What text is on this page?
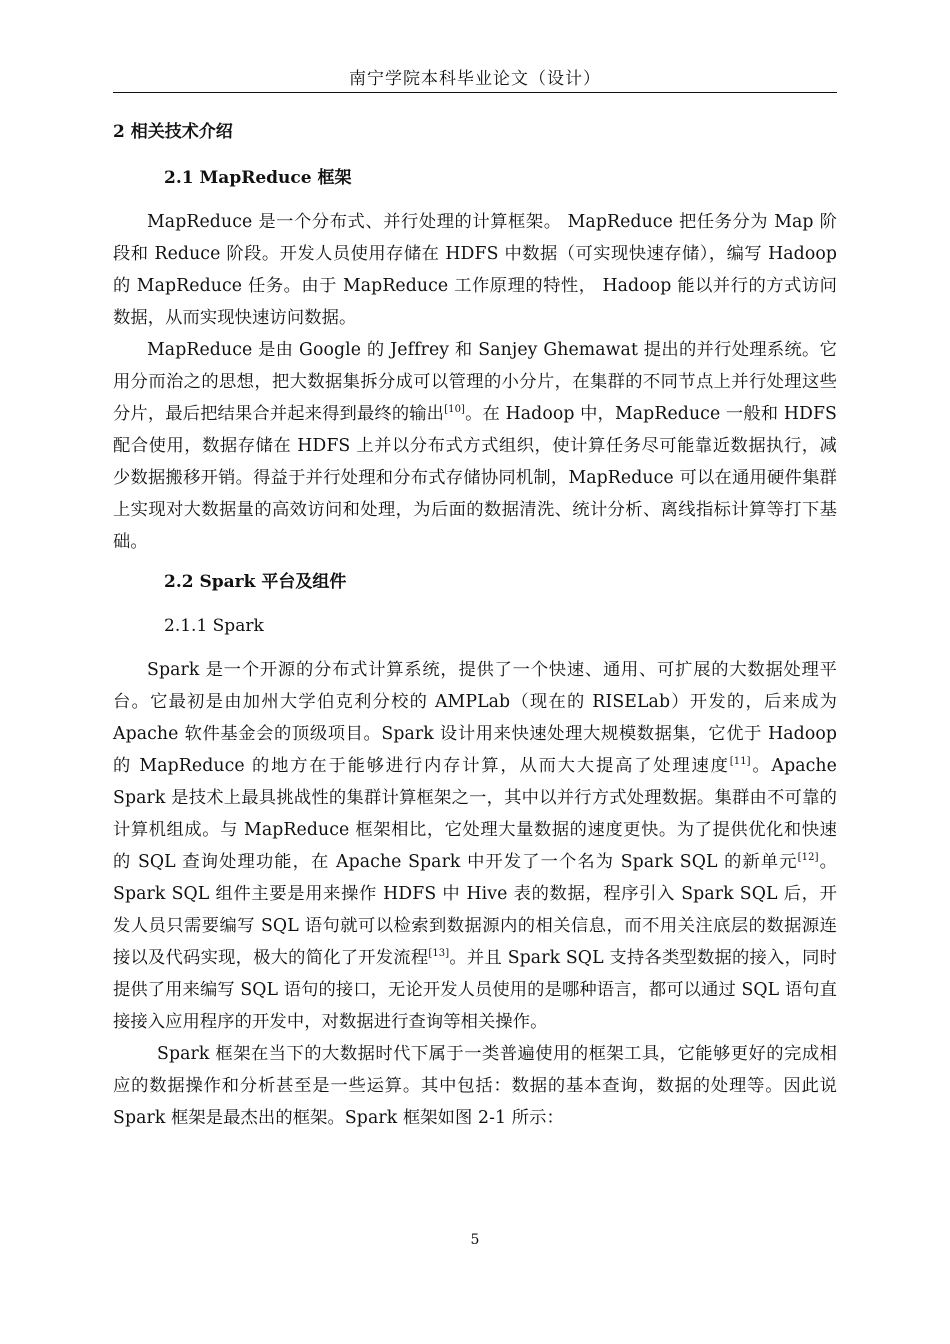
南宁学院本科毕业论文（设计）
2 相关技术介绍
2.1 MapReduce 框架

MapReduce 是一个分布式、并行处理的计算框架。 MapReduce 把任务分为 Map 阶段和 Reduce 阶段。开发人员使用存储在 HDFS 中数据（可实现快速存储），编写 Hadoop 的 MapReduce 任务。由于 MapReduce 工作原理的特性， Hadoop 能以并行的方式访问数据，从而实现快速访问数据。

MapReduce 是由 Google 的 Jeffrey 和 Sanjey Ghemawat 提出的并行处理系统。它用分而治之的思想，把大数据集拆分成可以管理的小分片，在集群的不同节点上并行处理这些分片，最后把结果合并起来得到最终的输出[10]。在 Hadoop 中，MapReduce 一般和 HDFS 配合使用，数据存储在 HDFS 上并以分布式方式组织，使计算任务尽可能靠近数据执行，减少数据搬移开销。得益于并行处理和分布式存储协同机制，MapReduce 可以在通用硬件集群上实现对大数据量的高效访问和处理，为后面的数据清洗、统计分析、离线指标计算等打下基础。

2.2 Spark 平台及组件
2.1.1 Spark

Spark 是一个开源的分布式计算系统，提供了一个快速、通用、可扩展的大数据处理平台。它最初是由加州大学伯克利分校的 AMPLab（现在的 RISELab）开发的，后来成为 Apache 软件基金会的顶级项目。Spark 设计用来快速处理大规模数据集，它优于 Hadoop 的 MapReduce 的地方在于能够进行内存计算，从而大大提高了处理速度[11]。Apache Spark 是技术上最具挑战性的集群计算框架之一，其中以并行方式处理数据。集群由不可靠的计算机组成。与 MapReduce 框架相比，它处理大量数据的速度更快。为了提供优化和快速的 SQL 查询处理功能，在 Apache Spark 中开发了一个名为 Spark SQL 的新单元[12]。Spark SQL 组件主要是用来操作 HDFS 中 Hive 表的数据，程序引入 Spark SQL 后，开发人员只需要编写 SQL 语句就可以检索到数据源内的相关信息，而不用关注底层的数据源连接以及代码实现，极大的简化了开发流程[13]。并且 Spark SQL 支持各类型数据的接入，同时提供了用来编写 SQL 语句的接口，无论开发人员使用的是哪种语言，都可以通过 SQL 语句直接接入应用程序的开发中，对数据进行查询等相关操作。

Spark 框架在当下的大数据时代下属于一类普遍使用的框架工具，它能够更好的完成相应的数据操作和分析甚至是一些运算。其中包括：数据的基本查询，数据的处理等。因此说 Spark 框架是最杰出的框架。Spark 框架如图 2-1 所示：

5
